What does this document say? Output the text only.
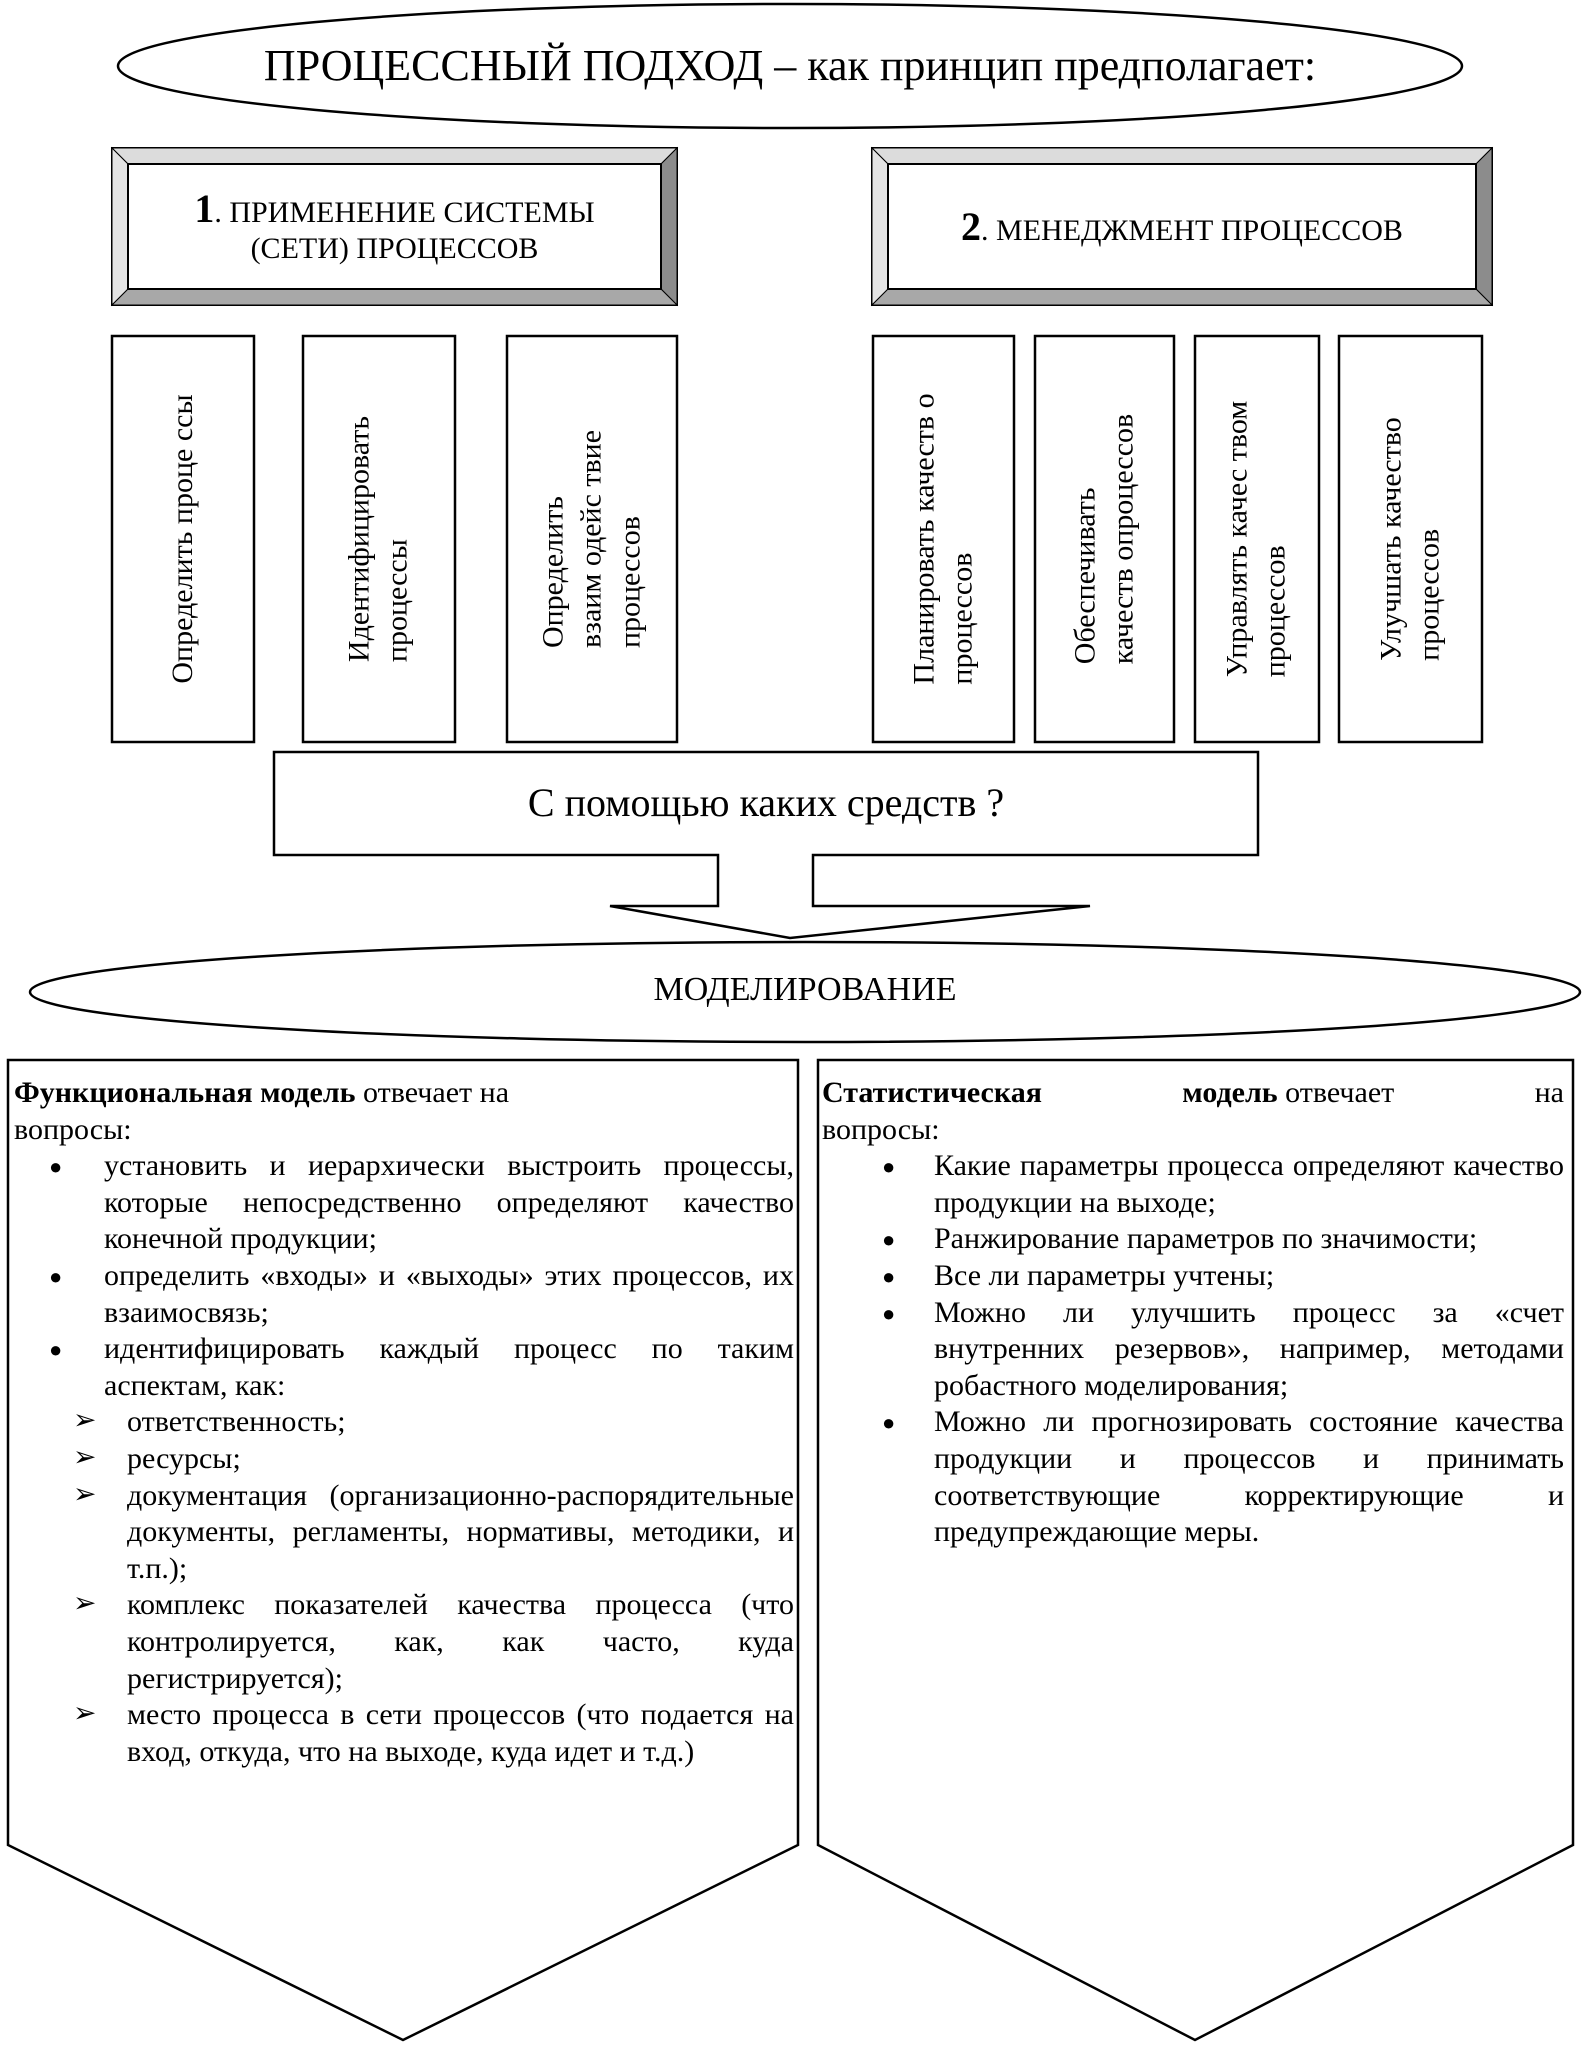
ПРОЦЕССНЫЙ ПОДХОД – как принцип предполагает:
1. ПРИМЕНЕНИЕ СИСТЕМЫ (СЕТИ) ПРОЦЕССОВ
2. МЕНЕДЖМЕНТ ПРОЦЕССОВ
Определить проце ссы	Идентифицировать процессы	Определить взаим одейс твие процессов	Планировать качеств о процессов	Обеспечивать качеств опроцессов	Управлять качес твом процессов	Улучшать качество процессов
С помощью каких средств ?
МОДЕЛИРОВАНИЕ

Функциональная модель отвечает на

вопросы:

● установить и иерархически выстроить процессы, которые непосредственно определяют качество конечной продукции;
● определить «входы» и «выходы» этих процессов, их взаимосвязь;
● идентифицировать каждый процесс по таким аспектам, как:
➢ ответственность;
➢ ресурсы;
➢ документация (организационно-распорядительные документы, регламенты, нормативы, методики, и т.п.);
➢ комплекс показателей качества процесса (что контролируется, как, как часто, куда регистрируется);
➢ место процесса в сети процессов (что подается на вход, откуда, что на выходе, куда идет и т.д.)

Статистическая	модель отвечает	на

вопросы:

● Какие параметры процесса определяют качество продукции на выходе;
● Ранжирование параметров по значимости;
● Все ли параметры учтены;
● Можно ли улучшить процесс за «счет внутренних резервов», например, методами робастного моделирования;
● Можно ли прогнозировать состояние качества продукции и процессов и принимать соответствующие корректирующие и предупреждающие меры.
